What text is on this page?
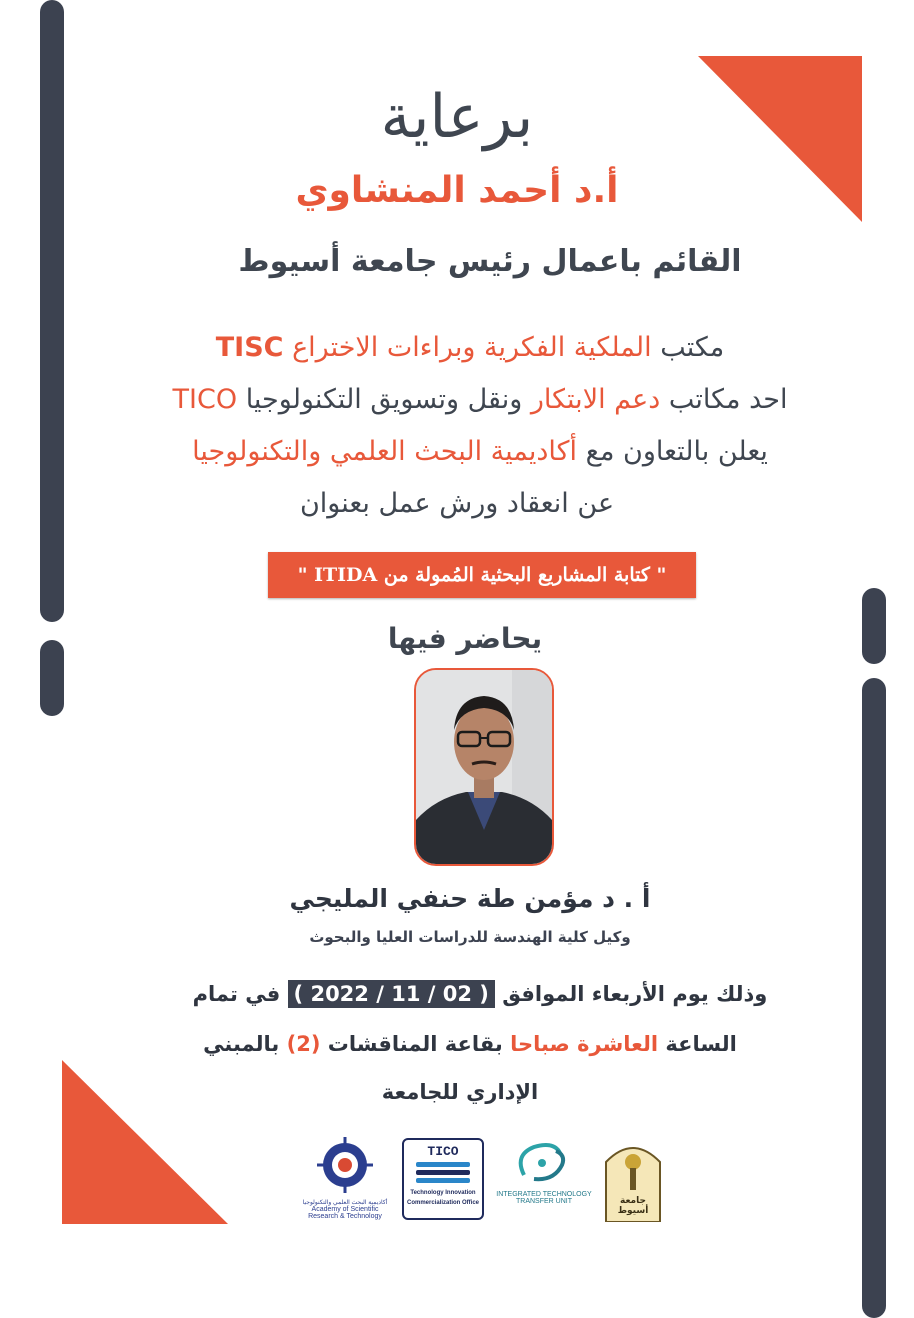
برعاية
أ.د أحمد المنشاوي
القائم باعمال رئيس جامعة أسيوط
مكتب الملكية الفكرية وبراءات الاختراع TISC
احد مكاتب دعم الابتكار ونقل وتسويق التكنولوجيا TICO
يعلن بالتعاون مع أكاديمية البحث العلمي والتكنولوجيا
عن انعقاد ورش عمل بعنوان
" كتابة المشاريع البحثية المُمولة من ITIDA "
يحاضر فيها
أ . د مؤمن طة حنفي المليجي
وكيل كلية الهندسة للدراسات العليا والبحوث
وذلك يوم الأربعاء الموافق ( 02 / 11 / 2022 ) في تمام
الساعة العاشرة صباحا بقاعة المناقشات (2) بالمبني
الإداري للجامعة
أكاديمية البحث العلمي والتكنولوجيا
Academy of Scientific
Research & Technology
TICO
Technology Innovation
Commercialization Office
INTEGRATED TECHNOLOGY
TRANSFER UNIT	جامعة أسيوط
